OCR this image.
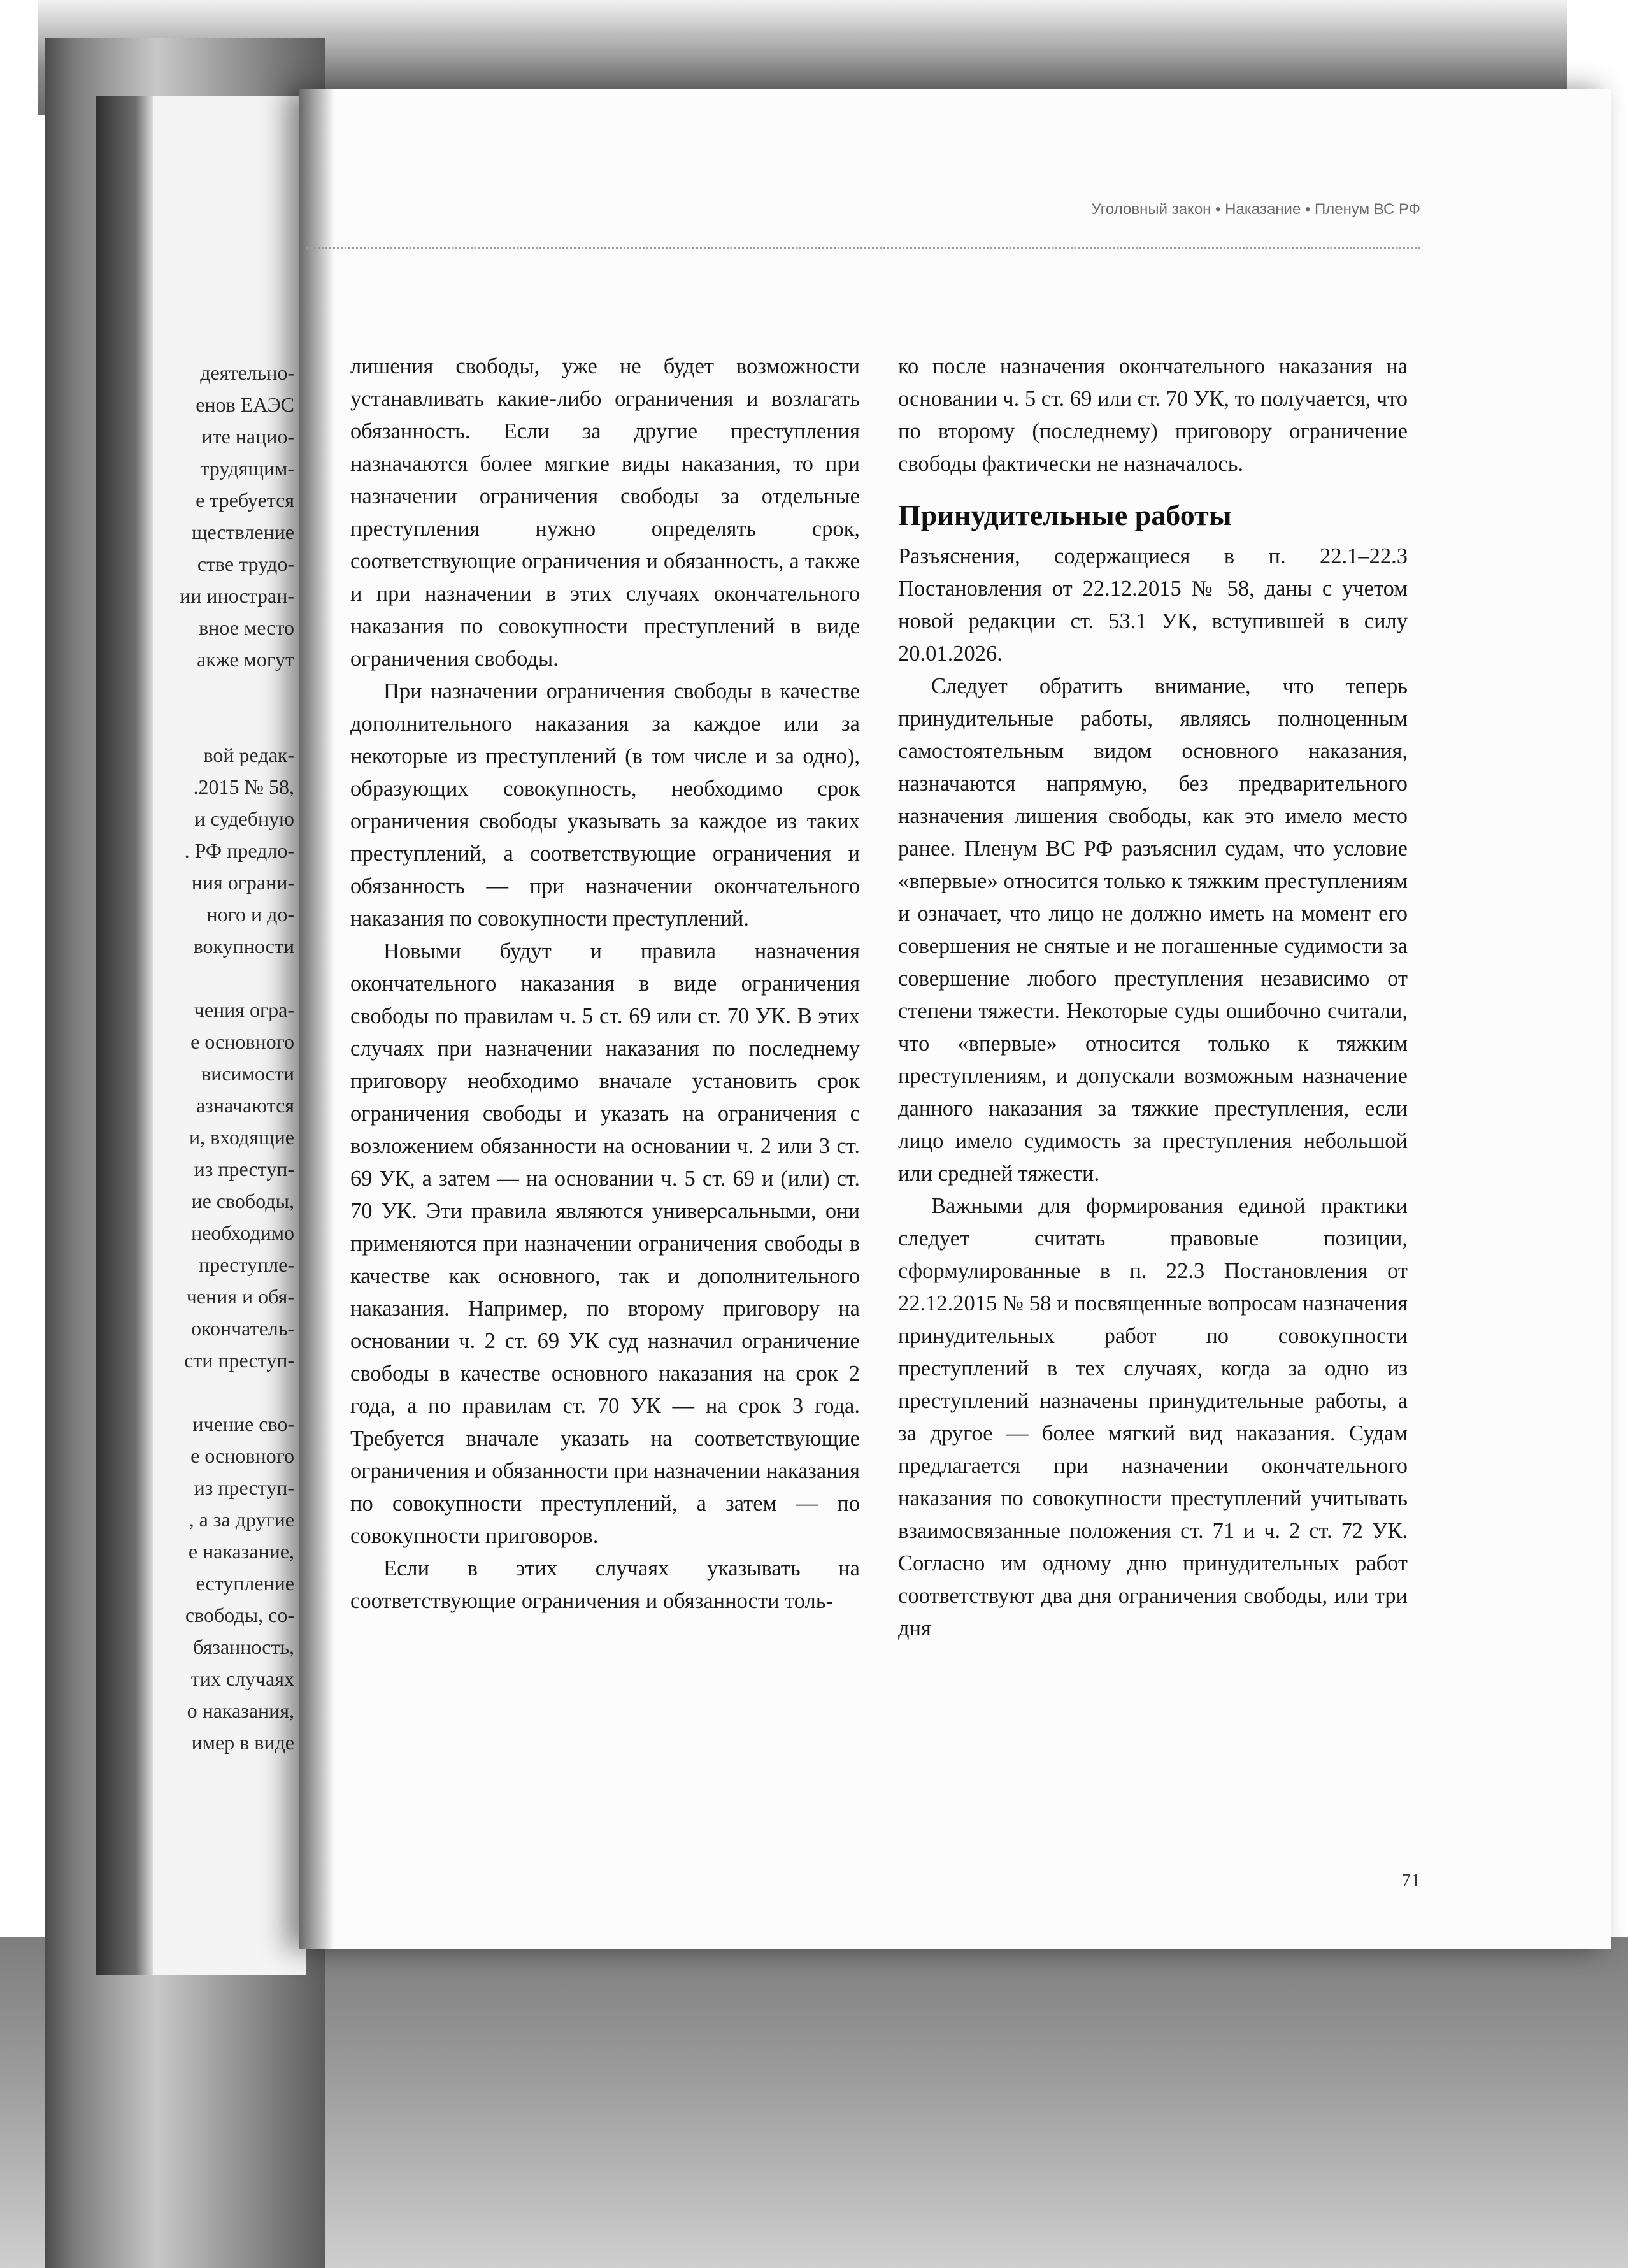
деятельно-
енов ЕАЭС
ите нацио-
трудящим-
е требуется
ществление
стве трудо-
ии иностран-
вное место
акже могут
вой редак-
.2015 № 58,
и судебную
. РФ предло-
ния ограни-
ного и до-
вокупности
чения огра-
е основного
висимости
азначаются
и, входящие
из преступ-
ие свободы,
необходимо
преступле-
чения и обя-
окончатель-
сти преступ-
ичение сво-
е основного
из преступ-
, а за другие
е наказание,
еступление
свободы, со-
бязанность,
тих случаях
о наказания,
имер в виде
Уголовный закон • Наказание • Пленум ВС РФ

лишения свободы, уже не будет возможности устанавливать какие-либо ограничения и возлагать обязанность. Если за другие преступления назначаются более мягкие виды наказания, то при назначении ограничения свободы за отдельные преступления нужно определять срок, соответствующие ограничения и обязанность, а также и при назначении в этих случаях окончательного наказания по совокупности преступлений в виде ограничения свободы.

При назначении ограничения свободы в качестве дополнительного наказания за каждое или за некоторые из преступлений (в том числе и за одно), образующих совокупность, необходимо срок ограничения свободы указывать за каждое из таких преступлений, а соответствующие ограничения и обязанность — при назначении окончательного наказания по совокупности преступлений.

Новыми будут и правила назначения окончательного наказания в виде ограничения свободы по правилам ч. 5 ст. 69 или ст. 70 УК. В этих случаях при назначении наказания по последнему приговору необходимо вначале установить срок ограничения свободы и указать на ограничения с возложением обязанности на основании ч. 2 или 3 ст. 69 УК, а затем — на основании ч. 5 ст. 69 и (или) ст. 70 УК. Эти правила являются универсальными, они применяются при назначении ограничения свободы в качестве как основного, так и дополнительного наказания. Например, по второму приговору на основании ч. 2 ст. 69 УК суд назначил ограничение свободы в качестве основного наказания на срок 2 года, а по правилам ст. 70 УК — на срок 3 года. Требуется вначале указать на соответствующие ограничения и обязанности при назначении наказания по совокупности преступлений, а затем — по совокупности приговоров.

Если в этих случаях указывать на соответствующие ограничения и обязанности толь-

ко после назначения окончательного наказания на основании ч. 5 ст. 69 или ст. 70 УК, то получается, что по второму (последнему) приговору ограничение свободы фактически не назначалось.

Принудительные работы

Разъяснения, содержащиеся в п. 22.1–22.3 Постановления от 22.12.2015 № 58, даны с учетом новой редакции ст. 53.1 УК, вступившей в силу 20.01.2026.

Следует обратить внимание, что теперь принудительные работы, являясь полноценным самостоятельным видом основного наказания, назначаются напрямую, без предварительного назначения лишения свободы, как это имело место ранее. Пленум ВС РФ разъяснил судам, что условие «впервые» относится только к тяжким преступлениям и означает, что лицо не должно иметь на момент его совершения не снятые и не погашенные судимости за совершение любого преступления независимо от степени тяжести. Некоторые суды ошибочно считали, что «впервые» относится только к тяжким преступлениям, и допускали возможным назначение данного наказания за тяжкие преступления, если лицо имело судимость за преступления небольшой или средней тяжести.

Важными для формирования единой практики следует считать правовые позиции, сформулированные в п. 22.3 Постановления от 22.12.2015 № 58 и посвященные вопросам назначения принудительных работ по совокупности преступлений в тех случаях, когда за одно из преступлений назначены принудительные работы, а за другое — более мягкий вид наказания. Судам предлагается при назначении окончательного наказания по совокупности преступлений учитывать взаимосвязанные положения ст. 71 и ч. 2 ст. 72 УК. Согласно им одному дню принудительных работ соответствуют два дня ограничения свободы, или три дня

71
